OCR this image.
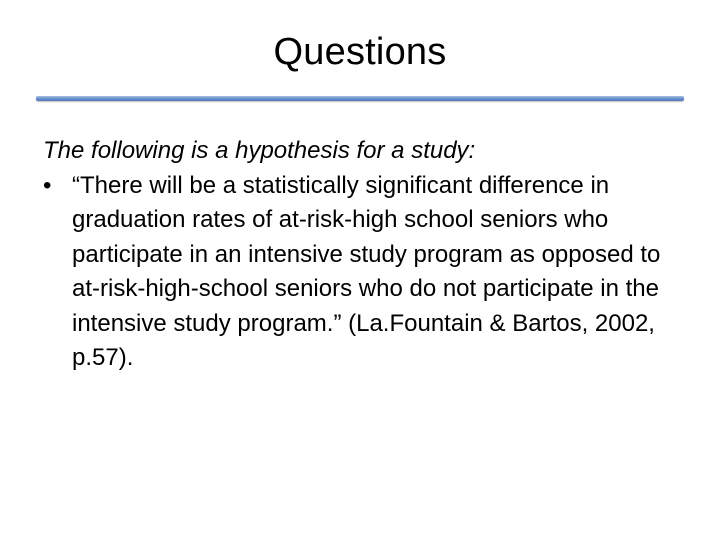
Questions

The following is a hypothesis for a study:

• “There will be a statistically significant difference in graduation rates of at-risk-high school seniors who participate in an intensive study program as opposed to at-risk-high-school seniors who do not participate in the intensive study program.” (La.Fountain & Bartos, 2002, p.57).
